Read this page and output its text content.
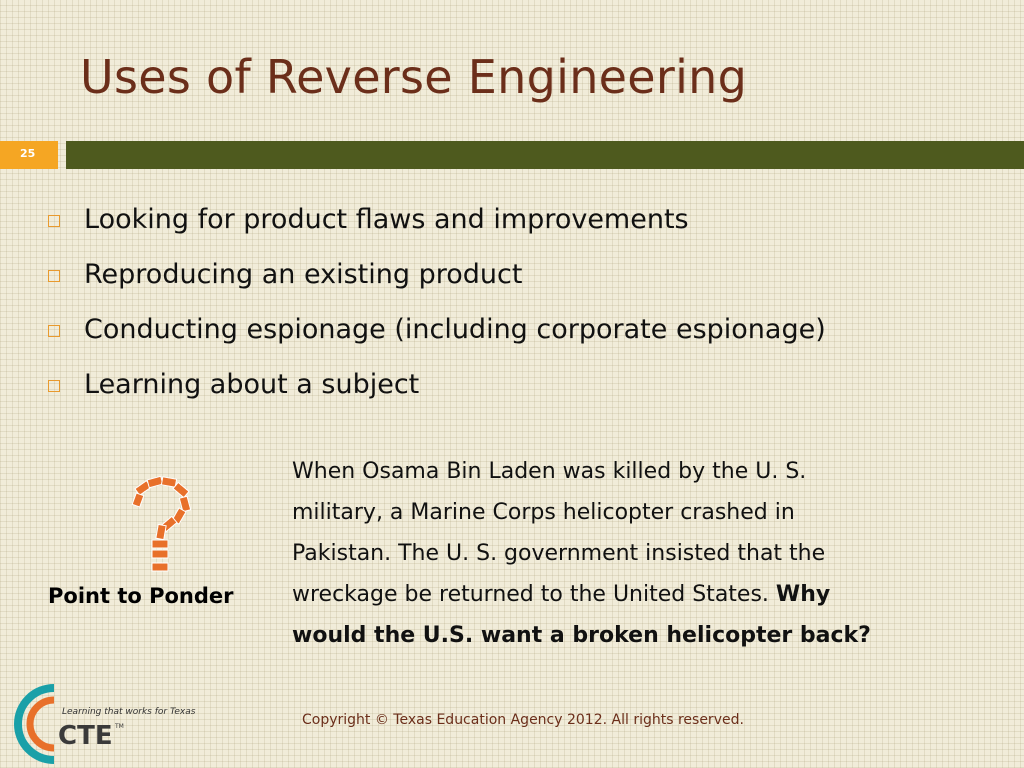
Uses of Reverse Engineering
25
Looking for product flaws and improvements
Reproducing an existing product
Conducting espionage (including corporate espionage)
Learning about a subject
Point to Ponder
When Osama Bin Laden was killed by the U. S.
military, a Marine Corps helicopter crashed in
Pakistan. The U. S. government insisted that the
wreckage be returned to the United States. Why
would the U.S. want a broken helicopter back?
Learning that works for Texas
CTE TM	Copyright © Texas Education Agency 2012. All rights reserved.
